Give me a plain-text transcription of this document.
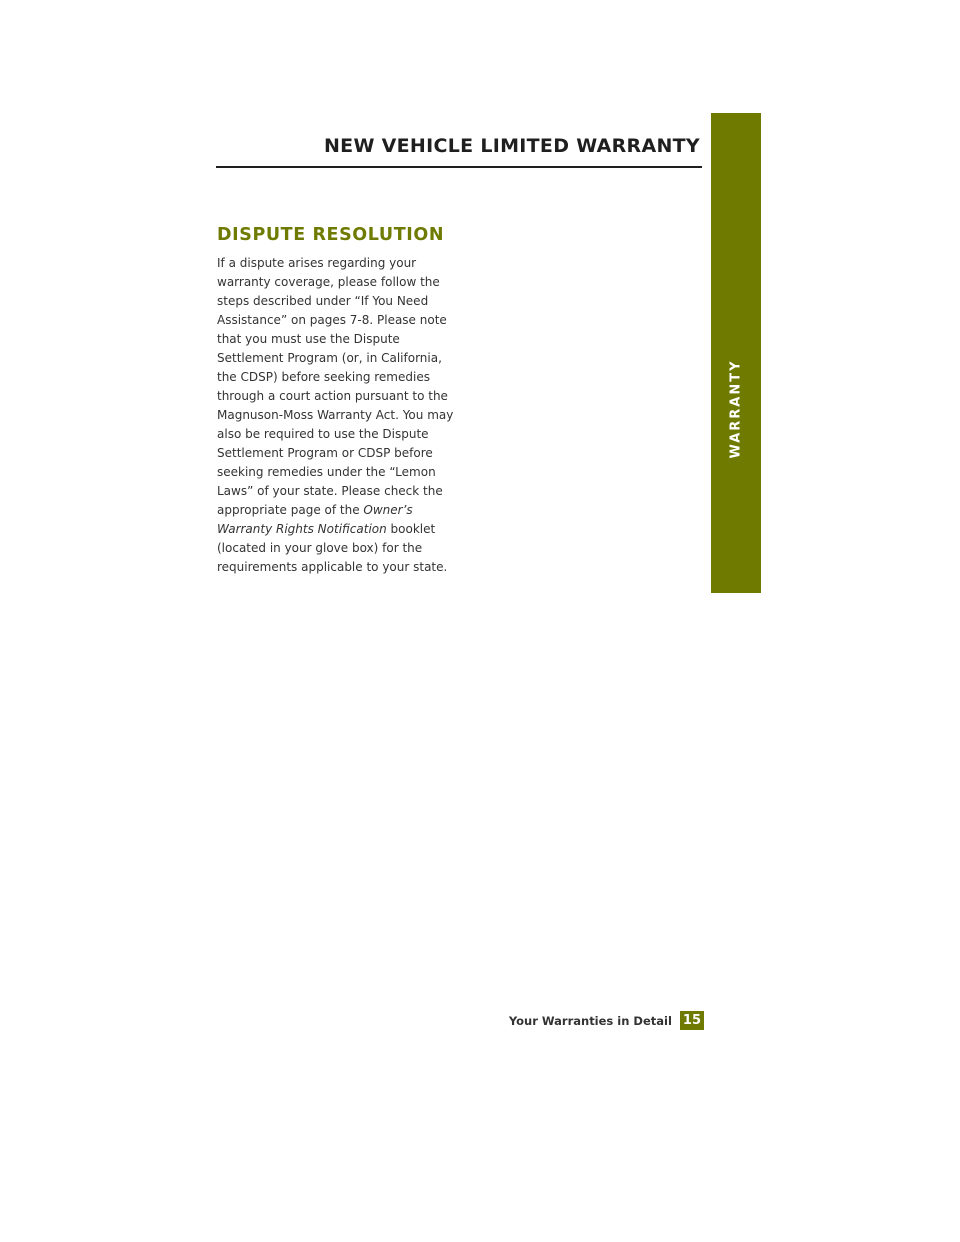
NEW VEHICLE LIMITED WARRANTY
WARRANTY
DISPUTE RESOLUTION

If a dispute arises regarding your
warranty coverage, please follow the
steps described under “If You Need
Assistance” on pages 7-8. Please note
that you must use the Dispute
Settlement Program (or, in California,
the CDSP) before seeking remedies
through a court action pursuant to the
Magnuson-Moss Warranty Act. You may
also be required to use the Dispute
Settlement Program or CDSP before
seeking remedies under the “Lemon
Laws” of your state. Please check the
appropriate page of the Owner’s
Warranty Rights Notification booklet
(located in your glove box) for the
requirements applicable to your state.

Your Warranties in Detail 15
